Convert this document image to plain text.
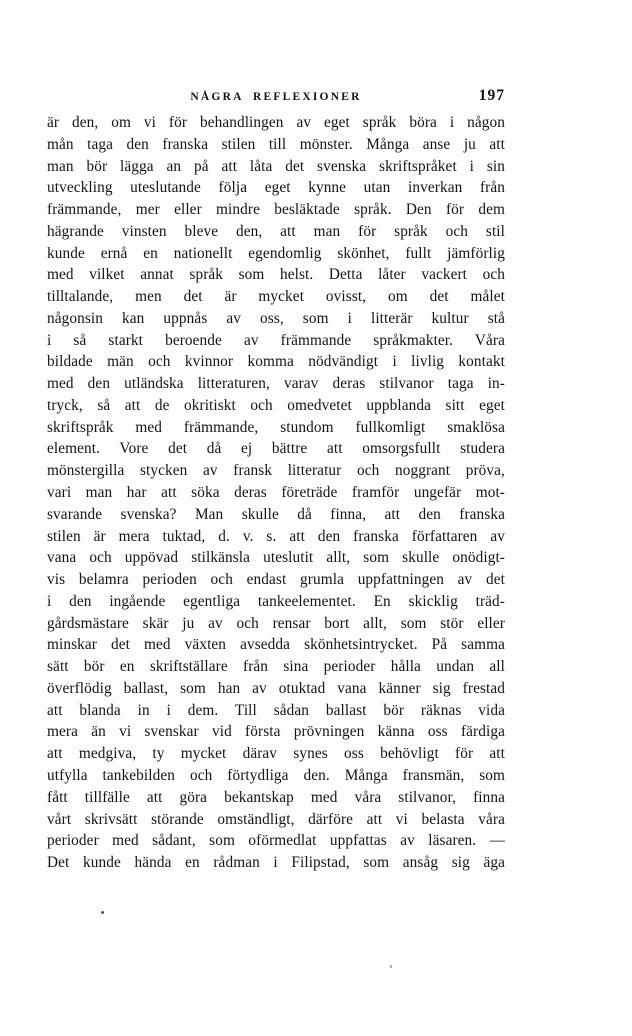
NÅGRA REFLEXIONER	197
är den, om vi för behandlingen av eget språk böra i någon
mån taga den franska stilen till mönster. Många anse ju att
man bör lägga an på att låta det svenska skriftspråket i sin
utveckling uteslutande följa eget kynne utan inverkan från
främmande, mer eller mindre besläktade språk. Den för dem
hägrande vinsten bleve den, att man för språk och stil
kunde ernå en nationellt egendomlig skönhet, fullt jämförlig
med vilket annat språk som helst. Detta låter vackert och
tilltalande, men det är mycket ovisst, om det målet
någonsin kan uppnås av oss, som i litterär kultur stå
i så starkt beroende av främmande språkmakter. Våra
bildade män och kvinnor komma nödvändigt i livlig kontakt
med den utländska litteraturen, varav deras stilvanor taga in-
tryck, så att de okritiskt och omedvetet uppblanda sitt eget
skriftspråk med främmande, stundom fullkomligt smaklösa
element. Vore det då ej bättre att omsorgsfullt studera
mönstergilla stycken av fransk litteratur och noggrant pröva,
vari man har att söka deras företräde framför ungefär mot-
svarande svenska? Man skulle då finna, att den franska
stilen är mera tuktad, d. v. s. att den franska författaren av
vana och uppövad stilkänsla uteslutit allt, som skulle onödigt-
vis belamra perioden och endast grumla uppfattningen av det
i den ingående egentliga tankeelementet. En skicklig träd-
gårdsmästare skär ju av och rensar bort allt, som stör eller
minskar det med växten avsedda skönhetsintrycket. På samma
sätt bör en skriftställare från sina perioder hålla undan all
överflödig ballast, som han av otuktad vana känner sig frestad
att blanda in i dem. Till sådan ballast bör räknas vida
mera än vi svenskar vid första prövningen känna oss färdiga
att medgiva, ty mycket därav synes oss behövligt för att
utfylla tankebilden och förtydliga den. Många fransmän, som
fått tillfälle att göra bekantskap med våra stilvanor, finna
vårt skrivsätt störande omständligt, därföre att vi belasta våra
perioder med sådant, som oförmedlat uppfattas av läsaren. —
Det kunde hända en rådman i Filipstad, som ansåg sig äga
